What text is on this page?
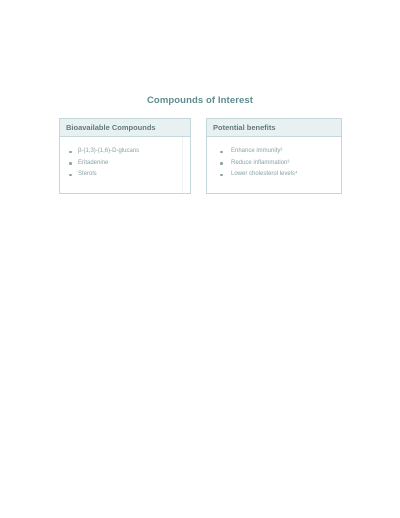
Compounds of Interest
Bioavailable Compounds
β-(1,3)-(1,6)-D-glucans
Eritadenine
Sterols
Potential benefits
Enhance immunity²
Reduce inflammation³
Lower cholesterol levels⁴
